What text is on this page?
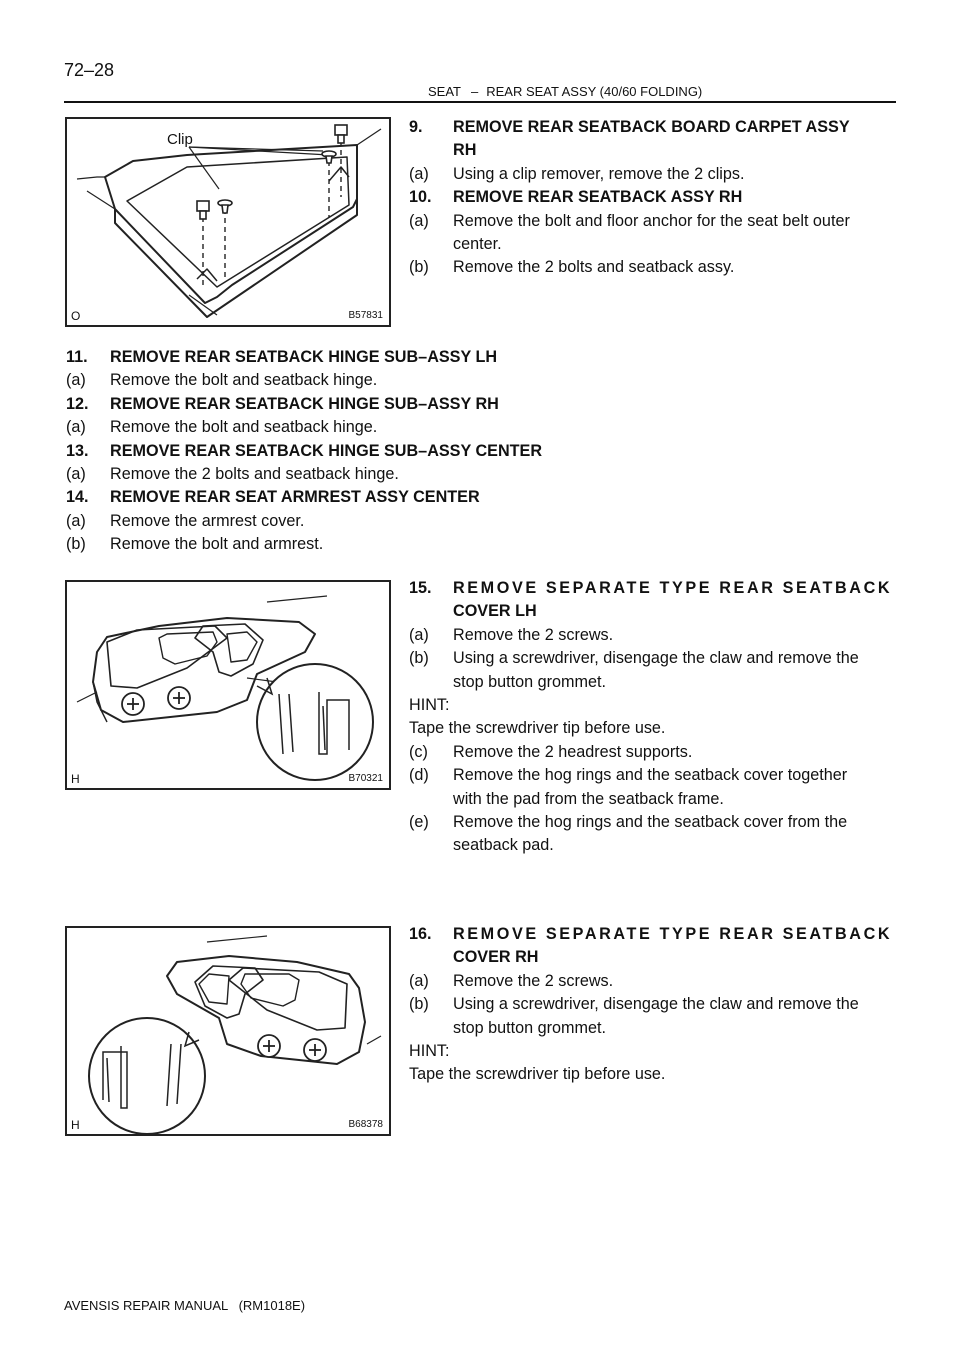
72–28
SEAT – REAR SEAT ASSY (40/60 FOLDING)
Clip
O	B57831
H	B70321
H	B68378
9.	REMOVE REAR SEATBACK BOARD CARPET ASSY
RH
(a)	Using a clip remover, remove the 2 clips.
10.	REMOVE REAR SEATBACK ASSY RH
(a)	Remove the bolt and floor anchor for the seat belt outer
center.
(b)	Remove the 2 bolts and seatback assy.
11.	REMOVE REAR SEATBACK HINGE SUB–ASSY LH
(a)	Remove the bolt and seatback hinge.
12.	REMOVE REAR SEATBACK HINGE SUB–ASSY RH
(a)	Remove the bolt and seatback hinge.
13.	REMOVE REAR SEATBACK HINGE SUB–ASSY CENTER
(a)	Remove the 2 bolts and seatback hinge.
14.	REMOVE REAR SEAT ARMREST ASSY CENTER
(a)	Remove the armrest cover.
(b)	Remove the bolt and armrest.
15.	REMOVE SEPARATE TYPE REAR SEATBACK
COVER LH
(a)	Remove the 2 screws.
(b)	Using a screwdriver, disengage the claw and remove the
stop button grommet.
HINT:
Tape the screwdriver tip before use.
(c)	Remove the 2 headrest supports.
(d)	Remove the hog rings and the seatback cover together
with the pad from the seatback frame.
(e)	Remove the hog rings and the seatback cover from the
seatback pad.
16.	REMOVE SEPARATE TYPE REAR SEATBACK
COVER RH
(a)	Remove the 2 screws.
(b)	Using a screwdriver, disengage the claw and remove the
stop button grommet.
HINT:
Tape the screwdriver tip before use.
AVENSIS REPAIR MANUAL   (RM1018E)
